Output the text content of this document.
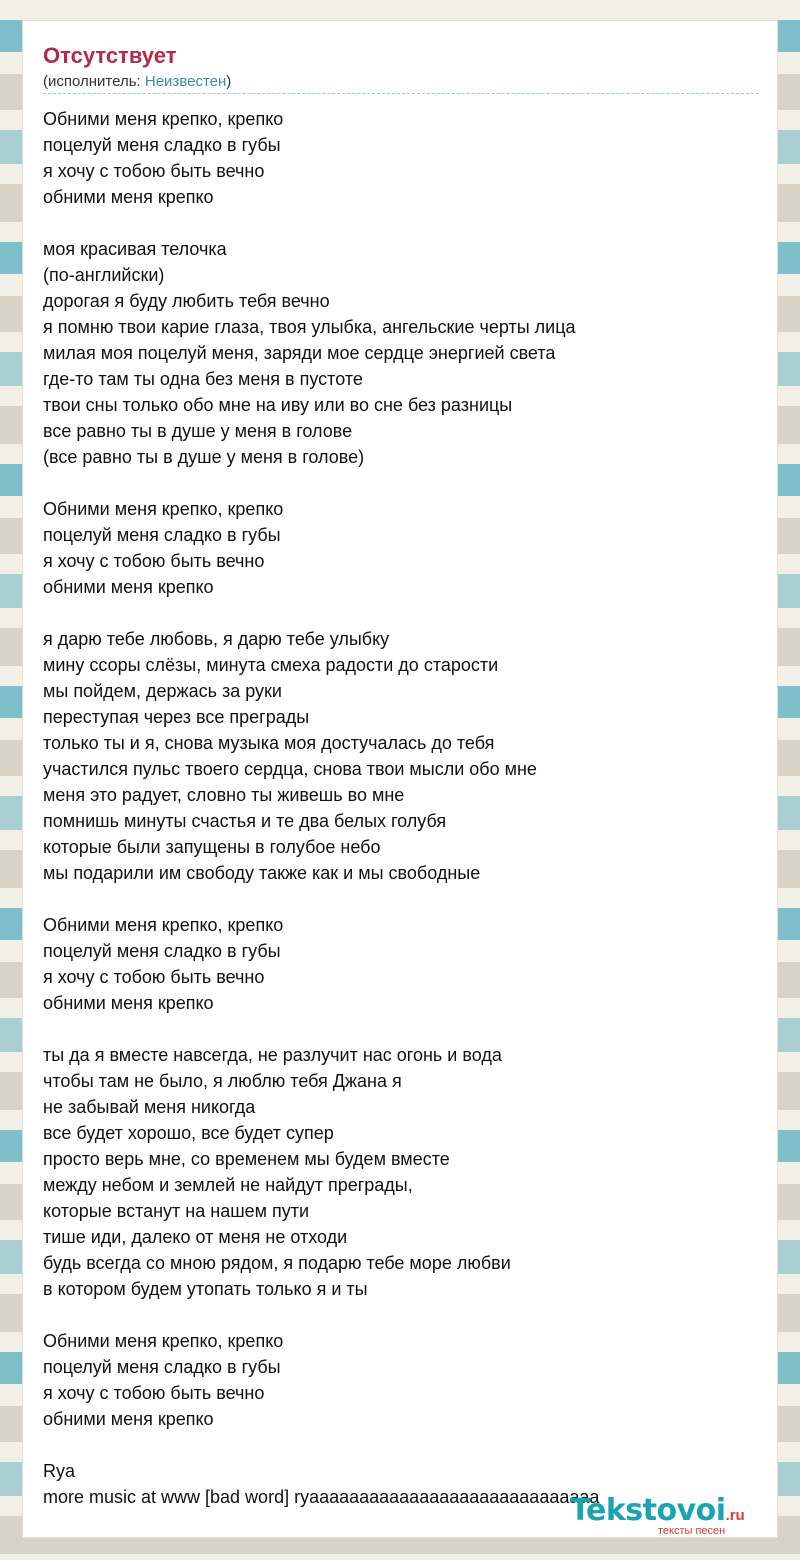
Отсутствует
(исполнитель: Неизвестен)
Обними меня крепко, крепко
поцелуй меня сладко в губы
я хочу с тобою быть вечно
обними меня крепко
моя красивая телочка
(по-английски)
дорогая я буду любить тебя вечно
я помню твои карие глаза, твоя улыбка, ангельские черты лица
милая моя поцелуй меня, заряди мое сердце энергией света
где-то там ты одна без меня в пустоте
твои сны только обо мне на иву или во сне без разницы
все равно ты в душе у меня в голове
(все равно ты в душе у меня в голове)
Обними меня крепко, крепко
поцелуй меня сладко в губы
я хочу с тобою быть вечно
обними меня крепко
я дарю тебе любовь, я дарю тебе улыбку
мину ссоры слёзы, минута смеха радости до старости
мы пойдем, держась за руки
переступая через все преграды
только ты и я, снова музыка моя достучалась до тебя
участился пульс твоего сердца, снова твои мысли обо мне
меня это радует, словно ты живешь во мне
помнишь минуты счастья и те два белых голубя
которые были запущены в голубое небо
мы подарили им свободу также как и мы свободные
Обними меня крепко, крепко
поцелуй меня сладко в губы
я хочу с тобою быть вечно
обними меня крепко
ты да я вместе навсегда, не разлучит нас огонь и вода
чтобы там не было, я люблю тебя Джана я
не забывай меня никогда
все будет хорошо, все будет супер
просто верь мне, со временем мы будем вместе
между небом и землей не найдут преграды,
которые встанут на нашем пути
тише иди, далеко от меня не отходи
будь всегда со мною рядом, я подарю тебе море любви
в котором будем утопать только я и ты
Обними меня крепко, крепко
поцелуй меня сладко в губы
я хочу с тобою быть вечно
обними меня крепко
Rya
more music at www [bad word] ryaaaaaaaaaaaaaaaaaaaaaaaaaaaaa
Tekstovoi.ru
тексты песен
